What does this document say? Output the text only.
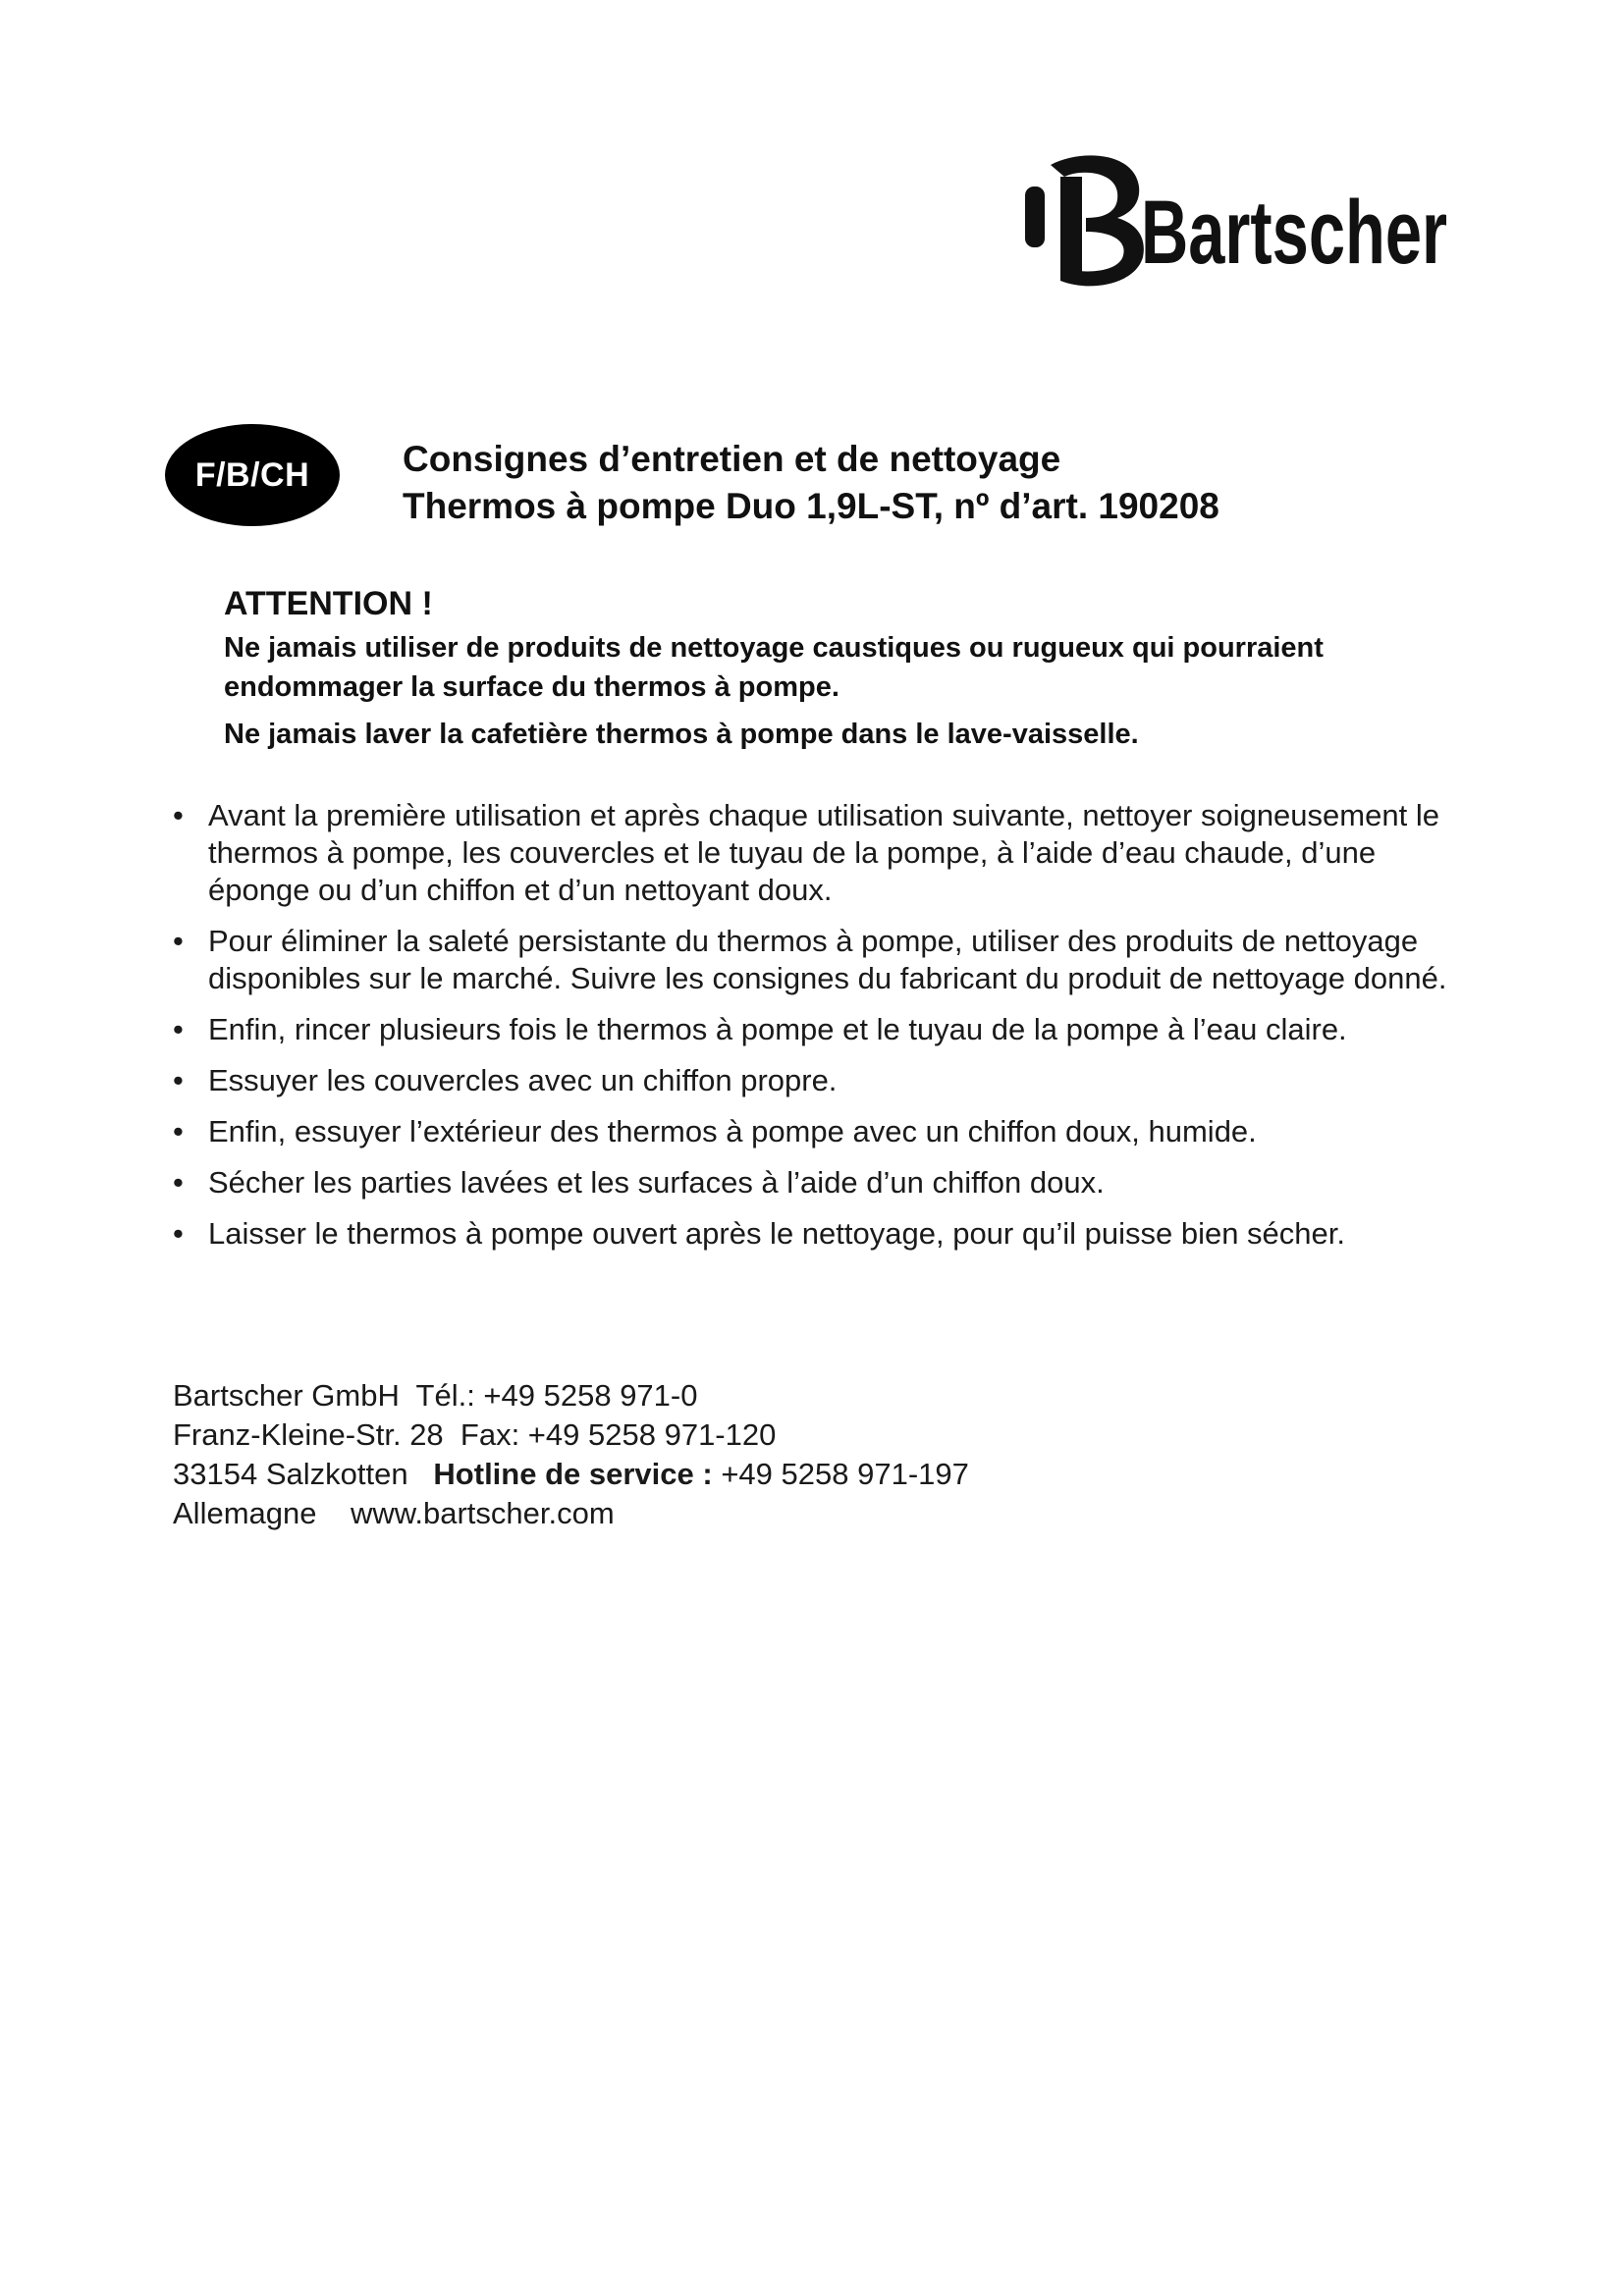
Bartscher
F/B/CH	Consignes d’entretien et de nettoyage
Thermos à pompe Duo 1,9L-ST, nº d’art. 190208
ATTENTION !
Ne jamais utiliser de produits de nettoyage caustiques ou rugueux qui pourraient endommager la surface du thermos à pompe.
Ne jamais laver la cafetière thermos à pompe dans le lave-vaisselle.
• Avant la première utilisation et après chaque utilisation suivante, nettoyer soigneusement le thermos à pompe, les couvercles et le tuyau de la pompe, à l’aide d’eau chaude, d’une éponge ou d’un chiffon et d’un nettoyant doux.
• Pour éliminer la saleté persistante du thermos à pompe, utiliser des produits de nettoyage disponibles sur le marché. Suivre les consignes du fabricant du produit de nettoyage donné.
• Enfin, rincer plusieurs fois le thermos à pompe et le tuyau de la pompe à l’eau claire.
• Essuyer les couvercles avec un chiffon propre.
• Enfin, essuyer l’extérieur des thermos à pompe avec un chiffon doux, humide.
• Sécher les parties lavées et les surfaces à l’aide d’un chiffon doux.
• Laisser le thermos à pompe ouvert après le nettoyage, pour qu’il puisse bien sécher.
Bartscher GmbH Tél.: +49 5258 971-0
Franz-Kleine-Str. 28 Fax: +49 5258 971-120
33154 Salzkotten Hotline de service : +49 5258 971-197
Allemagne www.bartscher.com
